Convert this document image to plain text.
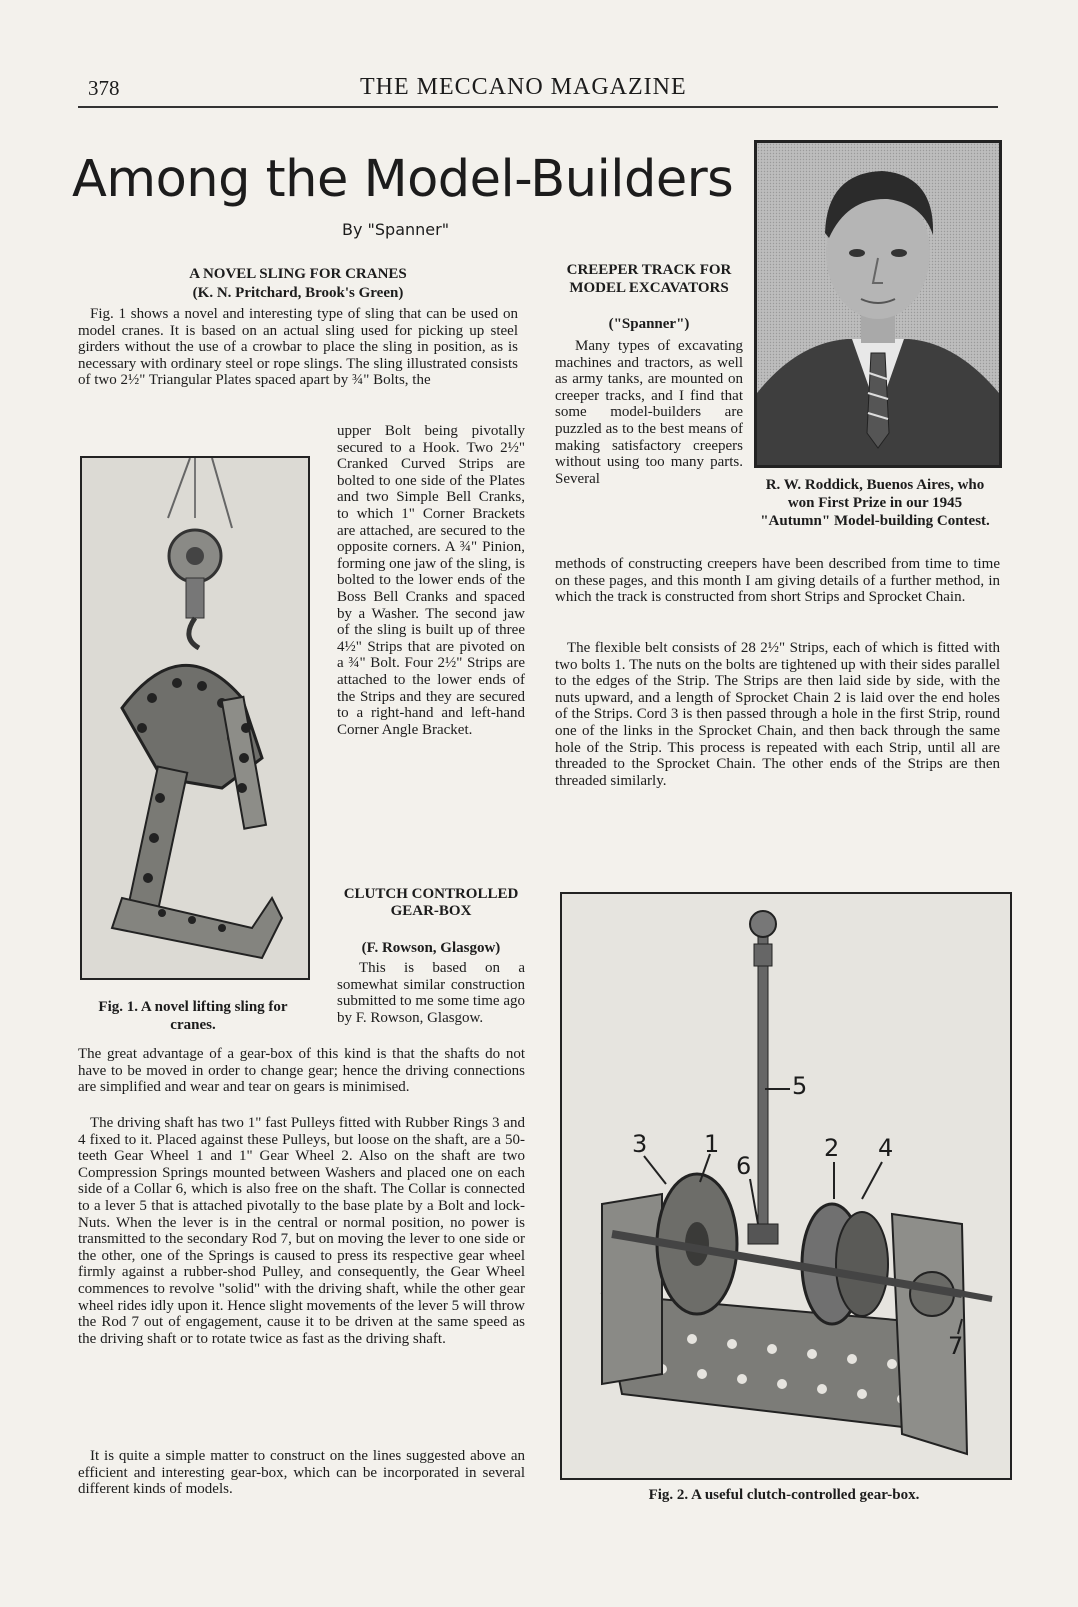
378	THE MECCANO MAGAZINE
Among the Model-Builders
By "Spanner"
A NOVEL SLING FOR CRANES
(K. N. Pritchard, Brook's Green)
Fig. 1 shows a novel and interesting type of sling that can be used on model cranes. It is based on an actual sling used for picking up steel girders without the use of a crowbar to place the sling in position, as is necessary with ordinary steel or rope slings. The sling illustrated consists of two 2½" Triangular Plates spaced apart by ¾" Bolts, the
upper Bolt being pivotally secured to a Hook. Two 2½" Cranked Curved Strips are bolted to one side of the Plates and two Simple Bell Cranks, to which 1" Corner Brackets are attached, are secured to the opposite corners. A ¾" Pinion, forming one jaw of the sling, is bolted to the lower ends of the Boss Bell Cranks and spaced by a Washer. The second jaw of the sling is built up of three 4½" Strips that are pivoted on a ¾" Bolt. Four 2½" Strips are attached to the lower ends of the Strips and they are secured to a right-hand and left-hand Corner Angle Bracket.
Fig. 1. A novel lifting sling for cranes.
CLUTCH CONTROLLED GEAR-BOX
(F. Rowson, Glasgow)
This is based on a somewhat similar construction submitted to me some time ago by F. Rowson, Glasgow.
The great advantage of a gear-box of this kind is that the shafts do not have to be moved in order to change gear; hence the driving connections are simplified and wear and tear on gears is minimised.
The driving shaft has two 1" fast Pulleys fitted with Rubber Rings 3 and 4 fixed to it. Placed against these Pulleys, but loose on the shaft, are a 50-teeth Gear Wheel 1 and 1" Gear Wheel 2. Also on the shaft are two Compression Springs mounted between Washers and placed one on each side of a Collar 6, which is also free on the shaft. The Collar is connected to a lever 5 that is attached pivotally to the base plate by a Bolt and lock-Nuts. When the lever is in the central or normal position, no power is transmitted to the secondary Rod 7, but on moving the lever to one side or the other, one of the Springs is caused to press its respective gear wheel firmly against a rubber-shod Pulley, and consequently, the Gear Wheel commences to revolve "solid" with the driving shaft, while the other gear wheel rides idly upon it. Hence slight movements of the lever 5 will throw the Rod 7 out of engagement, cause it to be driven at the same speed as the driving shaft or to rotate twice as fast as the driving shaft.
It is quite a simple matter to construct on the lines suggested above an efficient and interesting gear-box, which can be incorporated in several different kinds of models.
CREEPER TRACK FOR MODEL EXCAVATORS
("Spanner")
Many types of excavating machines and tractors, as well as army tanks, are mounted on creeper tracks, and I find that some model-builders are puzzled as to the best means of making satisfactory creepers without using too many parts. Several
methods of constructing creepers have been described from time to time on these pages, and this month I am giving details of a further method, in which the track is constructed from short Strips and Sprocket Chain.
The flexible belt consists of 28 2½" Strips, each of which is fitted with two bolts 1. The nuts on the bolts are tightened up with their sides parallel to the edges of the Strip. The Strips are then laid side by side, with the nuts upward, and a length of Sprocket Chain 2 is laid over the end holes of the Strips. Cord 3 is then passed through a hole in the first Strip, round one of the links in the Sprocket Chain, and then back through the same hole of the Strip. This process is repeated with each Strip, until all are threaded to the Sprocket Chain. The other ends of the Strips are then threaded similarly.
R. W. Roddick, Buenos Aires, who won First Prize in our 1945 "Autumn" Model-building Contest.
5
3 1
6
2 4
7
Fig. 2. A useful clutch-controlled gear-box.
